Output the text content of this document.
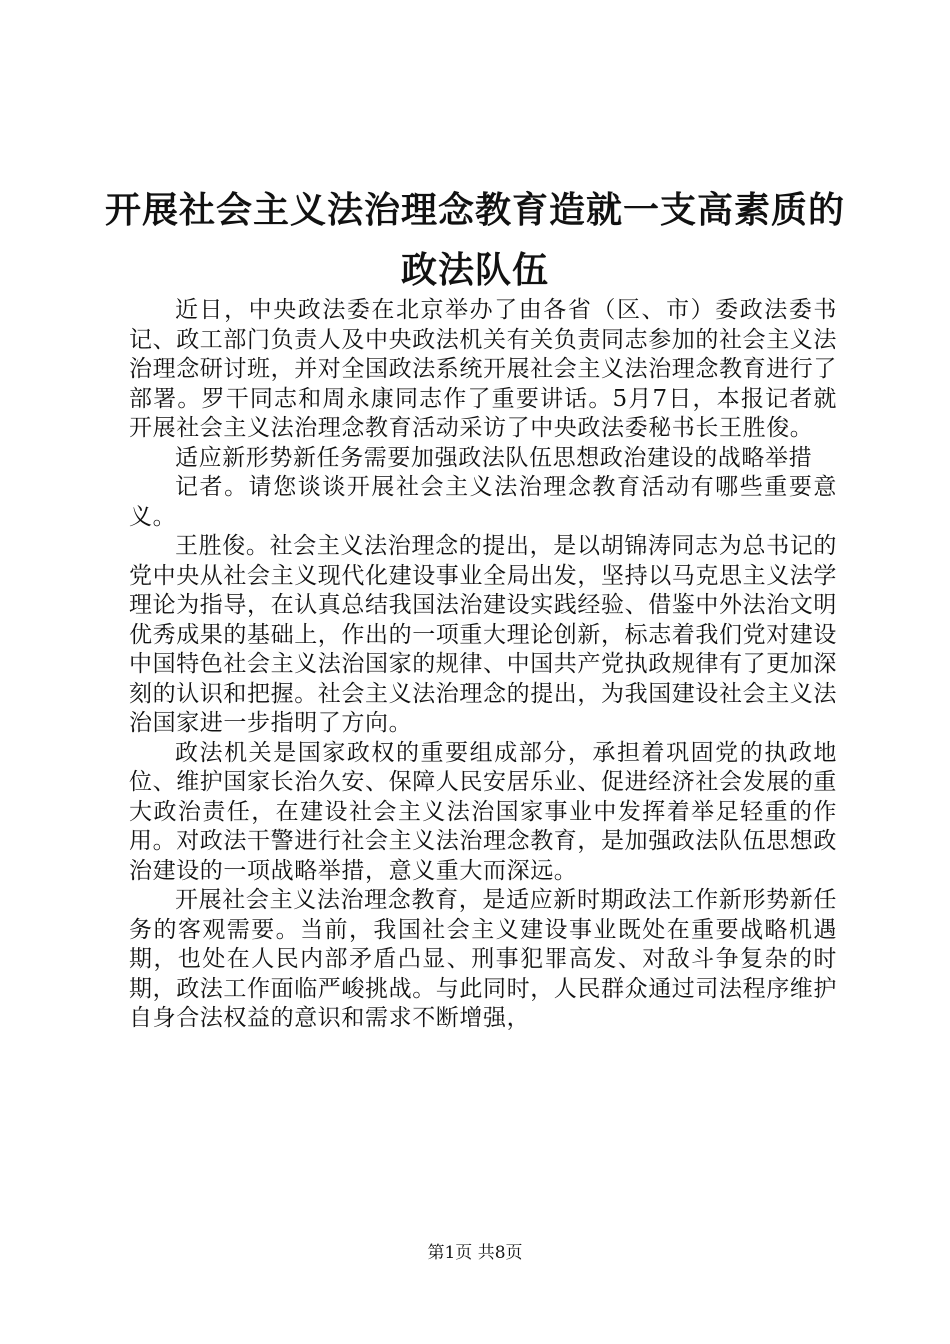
开展社会主义法治理念教育造就一支高素质的
政法队伍

近日，中央政法委在北京举办了由各省（区、市）委政法委书记、政工部门负责人及中央政法机关有关负责同志参加的社会主义法治理念研讨班，并对全国政法系统开展社会主义法治理念教育进行了部署。罗干同志和周永康同志作了重要讲话。5月7日，本报记者就开展社会主义法治理念教育活动采访了中央政法委秘书长王胜俊。

适应新形势新任务需要加强政法队伍思想政治建设的战略举措

记者。请您谈谈开展社会主义法治理念教育活动有哪些重要意义。

王胜俊。社会主义法治理念的提出，是以胡锦涛同志为总书记的党中央从社会主义现代化建设事业全局出发，坚持以马克思主义法学理论为指导，在认真总结我国法治建设实践经验、借鉴中外法治文明优秀成果的基础上，作出的一项重大理论创新，标志着我们党对建设中国特色社会主义法治国家的规律、中国共产党执政规律有了更加深刻的认识和把握。社会主义法治理念的提出，为我国建设社会主义法治国家进一步指明了方向。

政法机关是国家政权的重要组成部分，承担着巩固党的执政地位、维护国家长治久安、保障人民安居乐业、促进经济社会发展的重大政治责任，在建设社会主义法治国家事业中发挥着举足轻重的作用。对政法干警进行社会主义法治理念教育，是加强政法队伍思想政治建设的一项战略举措，意义重大而深远。

开展社会主义法治理念教育，是适应新时期政法工作新形势新任务的客观需要。当前，我国社会主义建设事业既处在重要战略机遇期，也处在人民内部矛盾凸显、刑事犯罪高发、对敌斗争复杂的时期，政法工作面临严峻挑战。与此同时，人民群众通过司法程序维护自身合法权益的意识和需求不断增强，

第1页 共8页
